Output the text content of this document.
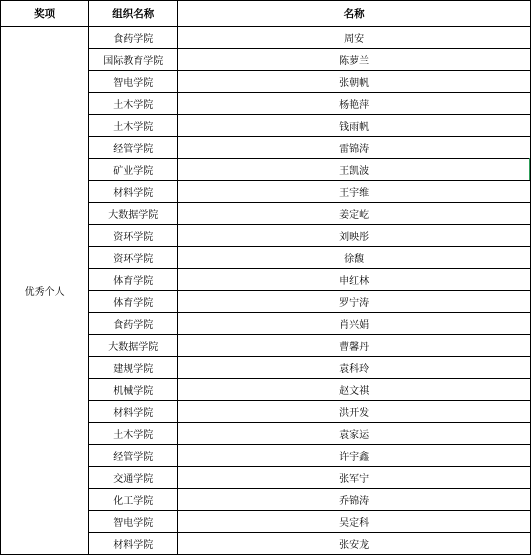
奖项	组织名称	名称
优秀个人	食药学院	周安
	国际教育学院	陈萝兰
	智电学院	张朝帆
	土木学院	杨艳萍
	土木学院	钱雨帆
	经管学院	雷锦涛
	矿业学院	王凯波
	材料学院	王宇维
	大数据学院	姜定屹
	资环学院	刘映彤
	资环学院	徐馥
	体育学院	申红林
	体育学院	罗宁涛
	食药学院	肖兴娟
	大数据学院	曹馨丹
	建规学院	袁科玲
	机械学院	赵文祺
	材料学院	洪开发
	土木学院	袁家运
	经管学院	许宇鑫
	交通学院	张军宁
	化工学院	乔锦涛
	智电学院	吴定科
	材料学院	张安龙
